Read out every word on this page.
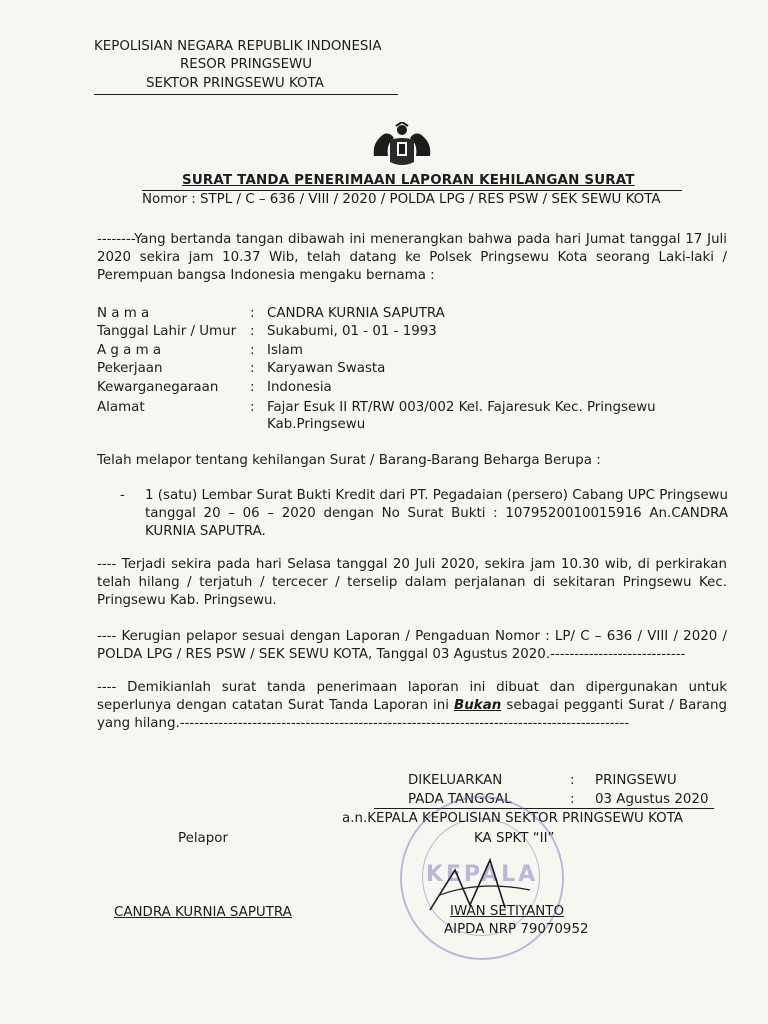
KEPOLISIAN NEGARA REPUBLIK INDONESIA
RESOR PRINGSEWU
SEKTOR PRINGSEWU KOTA
SURAT TANDA PENERIMAAN LAPORAN KEHILANGAN SURAT
Nomor : STPL / C – 636 / VIII / 2020 / POLDA LPG / RES PSW / SEK SEWU KOTA
--------Yang bertanda tangan dibawah ini menerangkan bahwa pada hari Jumat tanggal 17 Juli 2020 sekira jam 10.37 Wib, telah datang ke Polsek Pringsewu Kota seorang Laki-laki / Perempuan bangsa Indonesia mengaku bernama :
N a m a	: CANDRA KURNIA SAPUTRA
Tanggal Lahir / Umur : Sukabumi, 01 - 01 - 1993
A g a m a	: Islam
Pekerjaan	: Karyawan Swasta
Kewarganegaraan : Indonesia
Alamat	: Fajar Esuk II RT/RW 003/002 Kel. Fajaresuk Kec. Pringsewu
Kab.Pringsewu
Telah melapor tentang kehilangan Surat / Barang-Barang Beharga Berupa :
- 1 (satu) Lembar Surat Bukti Kredit dari PT. Pegadaian (persero) Cabang UPC Pringsewu tanggal 20 – 06 – 2020 dengan No Surat Bukti : 1079520010015916 An.CANDRA KURNIA SAPUTRA.
---- Terjadi sekira pada hari Selasa tanggal 20 Juli 2020, sekira jam 10.30 wib, di perkirakan telah hilang / terjatuh / tercecer / terselip dalam perjalanan di sekitaran Pringsewu Kec. Pringsewu Kab. Pringsewu.
---- Kerugian pelapor sesuai dengan Laporan / Pengaduan Nomor : LP/ C – 636 / VIII / 2020 / POLDA LPG / RES PSW / SEK SEWU KOTA, Tanggal 03 Agustus 2020.----------------------------
---- Demikianlah surat tanda penerimaan laporan ini dibuat dan dipergunakan untuk seperlunya dengan catatan Surat Tanda Laporan ini Bukan sebagai pegganti Surat / Barang yang hilang.---------------------------------------------------------------------------------------------
DIKELUARKAN	: PRINGSEWU
PADA TANGGAL	: 03 Agustus 2020
KEPALA
a.n.KEPALA KEPOLISIAN SEKTOR PRINGSEWU KOTA
KA SPKT “II”
Pelapor
CANDRA KURNIA SAPUTRA	IWAN SETIYANTO
AIPDA NRP 79070952
